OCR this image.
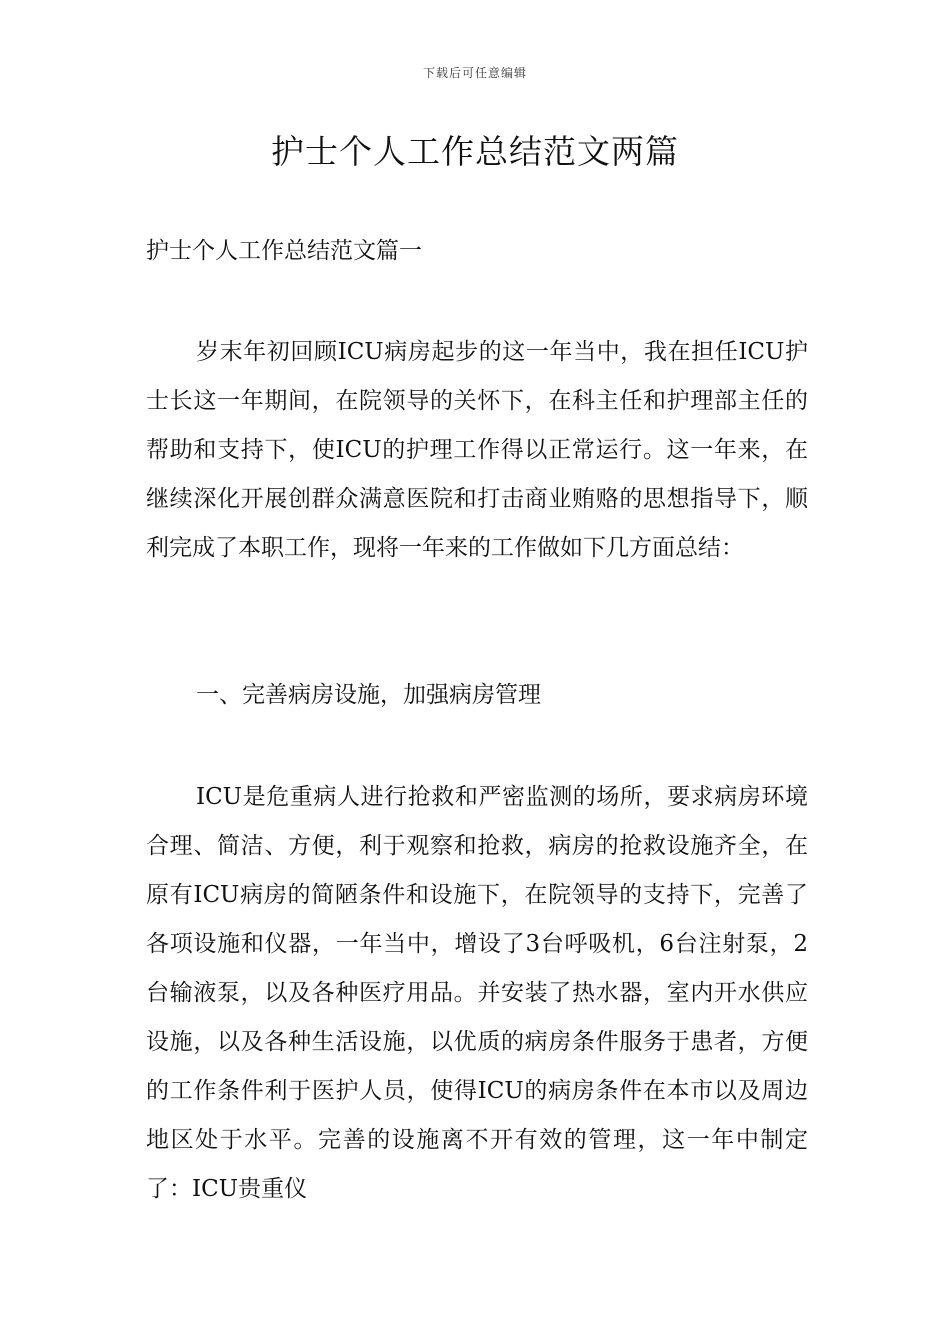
下载后可任意编辑
护士个人工作总结范文两篇
护士个人工作总结范文篇一

岁末年初回顾ICU病房起步的这一年当中，我在担任ICU护士长这一年期间，在院领导的关怀下，在科主任和护理部主任的帮助和支持下，使ICU的护理工作得以正常运行。这一年来，在继续深化开展创群众满意医院和打击商业贿赂的思想指导下，顺利完成了本职工作，现将一年来的工作做如下几方面总结：

一、完善病房设施，加强病房管理

ICU是危重病人进行抢救和严密监测的场所，要求病房环境合理、简洁、方便，利于观察和抢救，病房的抢救设施齐全，在原有ICU病房的简陋条件和设施下，在院领导的支持下，完善了各项设施和仪器，一年当中，增设了3台呼吸机，6台注射泵，2台输液泵，以及各种医疗用品。并安装了热水器，室内开水供应设施，以及各种生活设施，以优质的病房条件服务于患者，方便的工作条件利于医护人员，使得ICU的病房条件在本市以及周边地区处于水平。完善的设施离不开有效的管理，这一年中制定了：ICU贵重仪
